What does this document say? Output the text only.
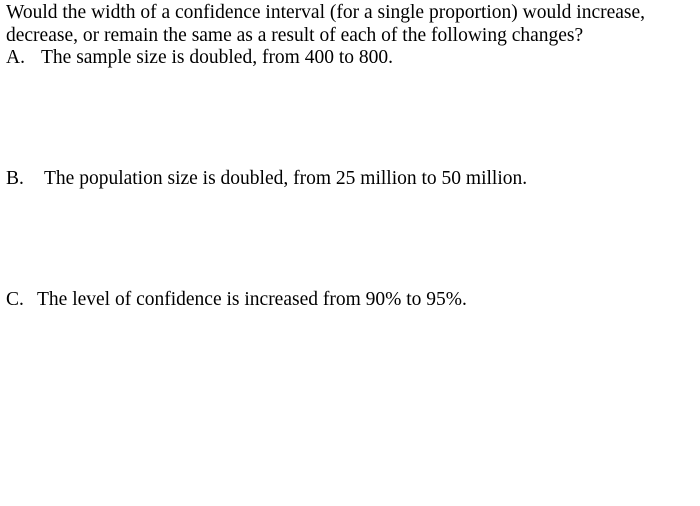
Would the width of a confidence interval (for a single proportion) would increase,
decrease, or remain the same as a result of each of the following changes?
A. The sample size is doubled, from 400 to 800.
B. The population size is doubled, from 25 million to 50 million.
C. The level of confidence is increased from 90% to 95%.
